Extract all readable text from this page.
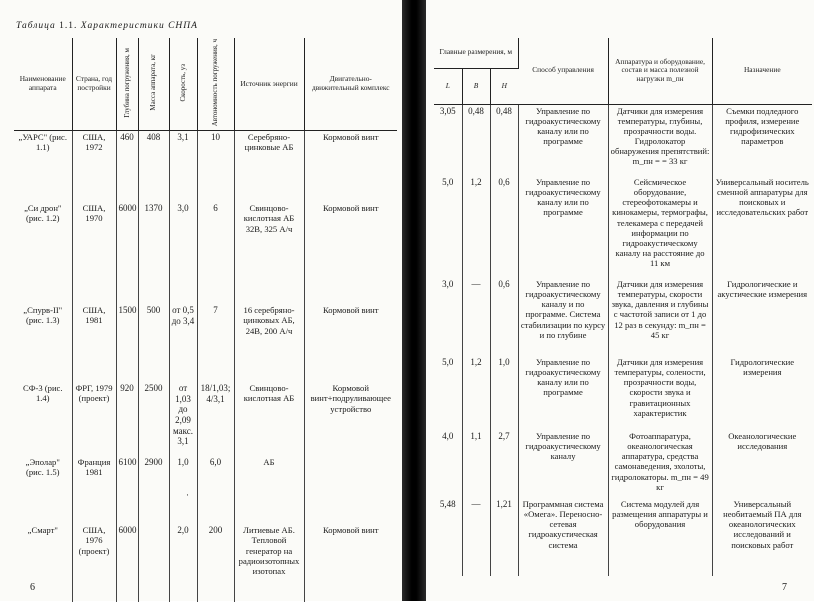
Таблица 1.1. Характеристики СНПА
Наименование аппарата	Страна, год постройки	Глубина погружения, м	Масса аппарата, кг	Скорость, уз	Автономность погружения, ч	Источник энергии	Двигательно-движительный комплекс
„УАРС" (рис. 1.1)	США, 1972	460	408	3,1	10	Серебряно-цинковые АБ	Кормовой винт
„Си дрон" (рис. 1.2)	США, 1970	6000	1370	3,0	6	Свинцово-кислотная АБ 32В, 325 А/ч	Кормовой винт
„Спурв-II" (рис. 1.3)	США, 1981	1500	500	от 0,5 до 3,4	7	16 серебряно-цинковых АБ, 24В, 200 А/ч	Кормовой винт
СФ-3 (рис. 1.4)	ФРГ, 1979 (проект)	920	2500	от 1,03 до 2,09 макс. 3,1	18/1,03; 4/3,1	Свинцово-кислотная АБ	Кормовой винт+подруливающее устройство
„Эполар" (рис. 1.5)	Франция 1981	6100	2900	1,0	6,0	АБ	
„Смарт"	США, 1976 (проект)	6000		2,0	200	Литиевые АБ. Тепловой генератор на радиоизотопных изотопах	Кормовой винт
·
6
Главные размерения, м			Способ управления	Аппаратура и оборудование, состав и масса полезной нагрузки m_пн	Назначение
L	B	H			
3,05	0,48	0,48	Управление по гидроакустическому каналу или по программе	Датчики для измерения температуры, глубины, прозрачности воды. Гидролокатор обнаружения препятствий: m_пн = = 33 кг	Съемки подледного профиля, измерение гидрофизических параметров
5,0	1,2	0,6	Управление по гидроакустическому каналу или по программе	Сейсмическое оборудование, стереофотокамеры и кинокамеры, термографы, телекамера с передачей информации по гидроакустическому каналу на расстояние до 11 км	Универсальный носитель сменной аппаратуры для поисковых и исследовательских работ
3,0	—	0,6	Управление по гидроакустическому каналу и по программе. Система стабилизации по курсу и по глубине	Датчики для измерения температуры, скорости звука, давления и глубины с частотой записи от 1 до 12 раз в секунду: m_пн = 45 кг	Гидрологические и акустические измерения
5,0	1,2	1,0	Управление по гидроакустическому каналу или по программе	Датчики для измерения температуры, солености, прозрачности воды, скорости звука и гравитационных характеристик	Гидрологические измерения
4,0	1,1	2,7	Управление по гидроакустическому каналу	Фотоаппаратура, океанологическая аппаратура, средства самонаведения, эхолоты, гидролокаторы. m_пн = 49 кг	Океанологические исследования
5,48	—	1,21	Программная система «Омега». Переносно-сетевая гидроакустическая система	Система модулей для размещения аппаратуры и оборудования	Универсальный необитаемый ПА для океанологических исследований и поисковых работ
7
